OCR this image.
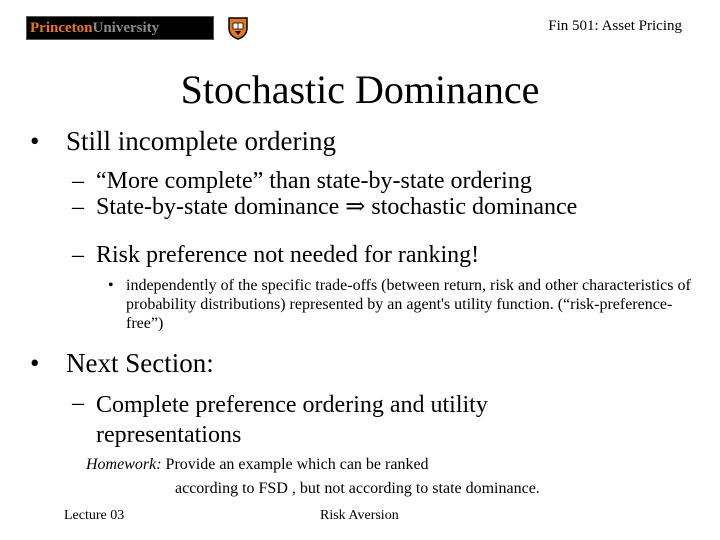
PrincetonUniversity	Fin 501: Asset Pricing
Stochastic Dominance
• Still incomplete ordering
– “More complete” than state-by-state ordering
– State-by-state dominance ⇒ stochastic dominance
– Risk preference not needed for ranking!
• independently of the specific trade-offs (between return, risk and other characteristics of probability distributions) represented by an agent's utility function. (“risk-preference-free”)
• Next Section:
– Complete preference ordering and utility representations
Homework: Provide an example which can be ranked
according to FSD , but not according to state dominance.
Lecture 03	Risk Aversion
